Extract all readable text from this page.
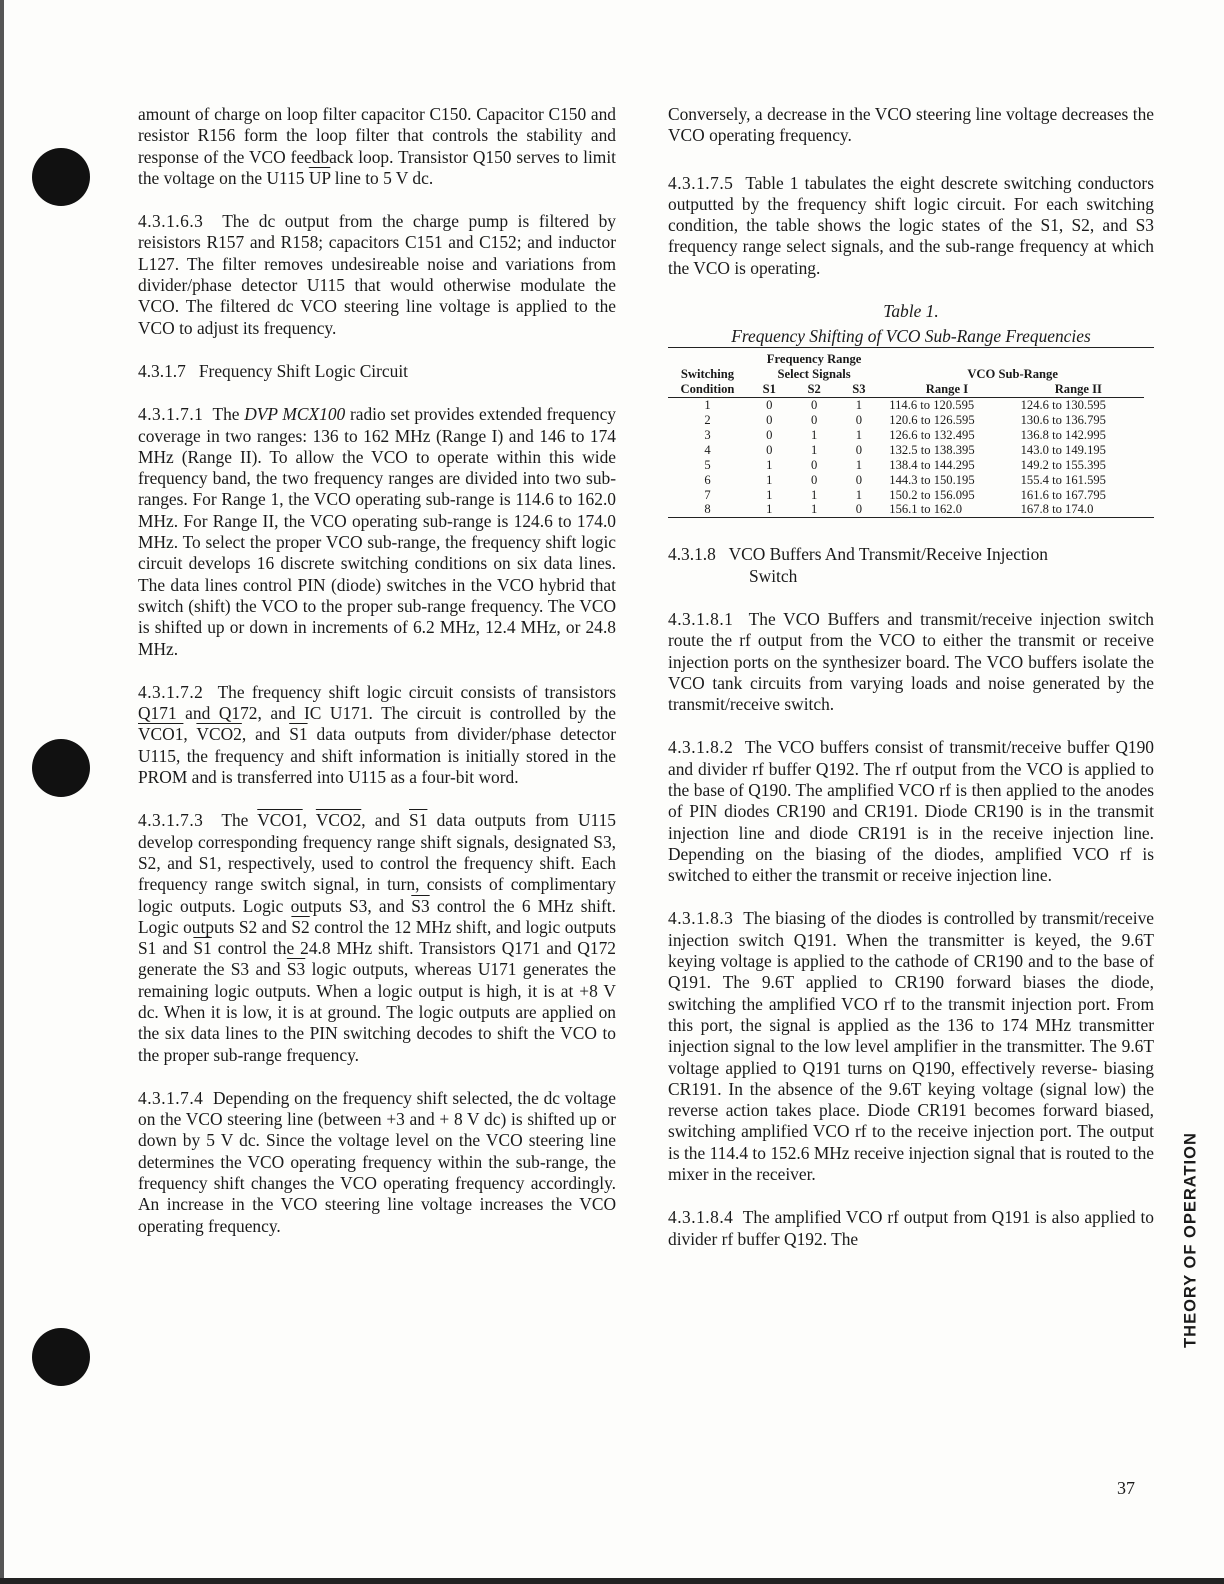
amount of charge on loop filter capacitor C150. Capacitor C150 and resistor R156 form the loop filter that controls the stability and response of the VCO feedback loop. Transistor Q150 serves to limit the voltage on the U115 $\overline{UP}$ line to 5 V dc.

4.3.1.6.3 The dc output from the charge pump is filtered by reisistors R157 and R158; capacitors C151 and C152; and inductor L127. The filter removes undesireable noise and variations from divider/phase detector U115 that would otherwise modulate the VCO. The filtered dc VCO steering line voltage is applied to the VCO to adjust its frequency.

4.3.1.7 Frequency Shift Logic Circuit

4.3.1.7.1 The DVP MCX100 radio set provides extended frequency coverage in two ranges: 136 to 162 MHz (Range I) and 146 to 174 MHz (Range II). To allow the VCO to operate within this wide frequency band, the two frequency ranges are divided into two sub-ranges. For Range 1, the VCO operating sub-range is 114.6 to 162.0 MHz. For Range II, the VCO operating sub-range is 124.6 to 174.0 MHz. To select the proper VCO sub-range, the frequency shift logic circuit develops 16 discrete switching conditions on six data lines. The data lines control PIN (diode) switches in the VCO hybrid that switch (shift) the VCO to the proper sub-range frequency. The VCO is shifted up or down in increments of 6.2 MHz, 12.4 MHz, or 24.8 MHz.

4.3.1.7.2 The frequency shift logic circuit consists of transistors Q171 and Q172, and IC U171. The circuit is controlled by the VCO1, VCO2, and S1 data outputs from divider/phase detector U115, the frequency and shift information is initially stored in the PROM and is transferred into U115 as a four-bit word.

4.3.1.7.3 The VCO1, VCO2, and S1 data outputs from U115 develop corresponding frequency range shift signals, designated S3, S2, and S1, respectively, used to control the frequency shift. Each frequency range switch signal, in turn, consists of complimentary logic outputs. Logic outputs S3, and S3 control the 6 MHz shift. Logic outputs S2 and S2 control the 12 MHz shift, and logic outputs S1 and S1 control the 24.8 MHz shift. Transistors Q171 and Q172 generate the S3 and S3 logic outputs, whereas U171 generates the remaining logic outputs. When a logic output is high, it is at +8 V dc. When it is low, it is at ground. The logic outputs are applied on the six data lines to the PIN switching decodes to shift the VCO to the proper sub-range frequency.

4.3.1.7.4 Depending on the frequency shift selected, the dc voltage on the VCO steering line (between +3 and + 8 V dc) is shifted up or down by 5 V dc. Since the voltage level on the VCO steering line determines the VCO operating frequency within the sub-range, the frequency shift changes the VCO operating frequency accordingly. An increase in the VCO steering line voltage increases the VCO operating frequency.

Conversely, a decrease in the VCO steering line voltage decreases the VCO operating frequency.

4.3.1.7.5 Table 1 tabulates the eight descrete switching conductors outputted by the frequency shift logic circuit. For each switching condition, the table shows the logic states of the S1, S2, and S3 frequency range select signals, and the sub-range frequency at which the VCO is operating.

Table 1.
Frequency Shifting of VCO Sub-Range Frequencies
	Frequency Range				
Switching	Select Signals			VCO Sub-Range	
Condition	S1	S2	S3	Range I	Range II
1	0	0	1	114.6 to 120.595	124.6 to 130.595
2	0	0	0	120.6 to 126.595	130.6 to 136.795
3	0	1	1	126.6 to 132.495	136.8 to 142.995
4	0	1	0	132.5 to 138.395	143.0 to 149.195
5	1	0	1	138.4 to 144.295	149.2 to 155.395
6	1	0	0	144.3 to 150.195	155.4 to 161.595
7	1	1	1	150.2 to 156.095	161.6 to 167.795
8	1	1	0	156.1 to 162.0	167.8 to 174.0
4.3.1.8 VCO Buffers And Transmit/Receive Injection
Switch

4.3.1.8.1 The VCO Buffers and transmit/receive injection switch route the rf output from the VCO to either the transmit or receive injection ports on the synthesizer board. The VCO buffers isolate the VCO tank circuits from varying loads and noise generated by the transmit/receive switch.

4.3.1.8.2 The VCO buffers consist of transmit/receive buffer Q190 and divider rf buffer Q192. The rf output from the VCO is applied to the base of Q190. The amplified VCO rf is then applied to the anodes of PIN diodes CR190 and CR191. Diode CR190 is in the transmit injection line and diode CR191 is in the receive injection line. Depending on the biasing of the diodes, amplified VCO rf is switched to either the transmit or receive injection line.

4.3.1.8.3 The biasing of the diodes is controlled by transmit/receive injection switch Q191. When the transmitter is keyed, the 9.6T keying voltage is applied to the cathode of CR190 and to the base of Q191. The 9.6T applied to CR190 forward biases the diode, switching the amplified VCO rf to the transmit injection port. From this port, the signal is applied as the 136 to 174 MHz transmitter injection signal to the low level amplifier in the transmitter. The 9.6T voltage applied to Q191 turns on Q190, effectively reverse- biasing CR191. In the absence of the 9.6T keying voltage (signal low) the reverse action takes place. Diode CR191 becomes forward biased, switching amplified VCO rf to the receive injection port. The output is the 114.4 to 152.6 MHz receive injection signal that is routed to the mixer in the receiver.

4.3.1.8.4 The amplified VCO rf output from Q191 is also applied to divider rf buffer Q192. The	THEORY OF OPERATION
37
